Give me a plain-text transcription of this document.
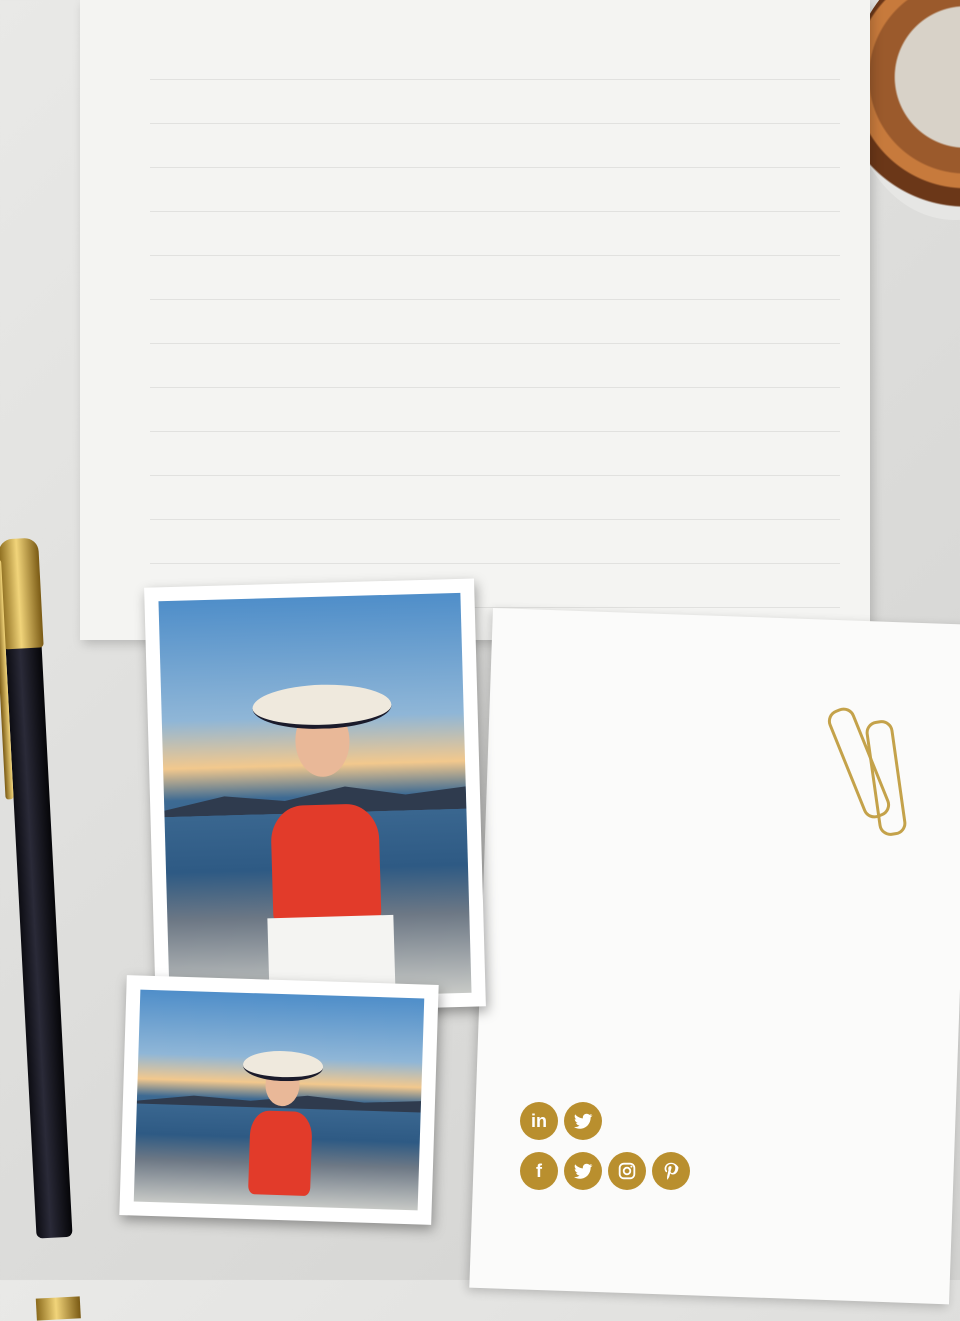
in
f
